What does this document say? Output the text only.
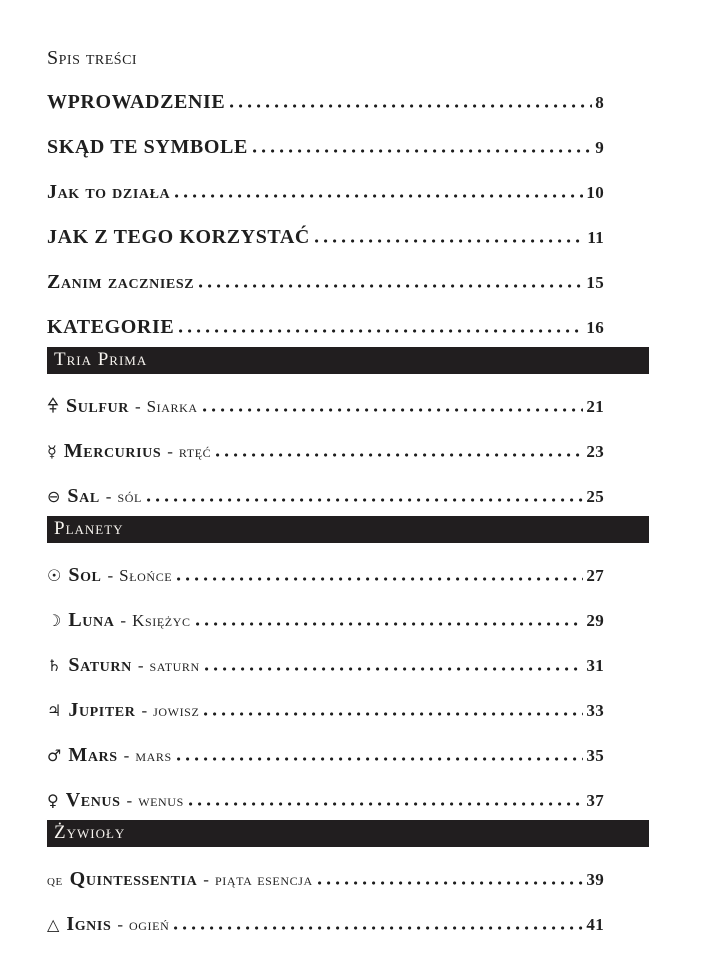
Spis treści
WPROWADZENIE	8
SKĄD TE SYMBOLE	9
Jak to działa	10
JAK Z TEGO KORZYSTAĆ	11
Zanim zaczniesz	15
KATEGORIE	16
Tria Prima
Sulfur - Siarka	21
☿ Mercurius - rtęć	23
⊖ Sal - sól	25
Planety
☉ Sol - Słońce	27
☽ Luna - Księżyc	29
♄ Saturn - saturn	31
♃ Jupiter - jowisz	33
♂ Mars - mars	35
♀ Venus - wenus	37
Żywioły
qe Quintessentia - piąta esencja	39
△ Ignis - ogień	41
